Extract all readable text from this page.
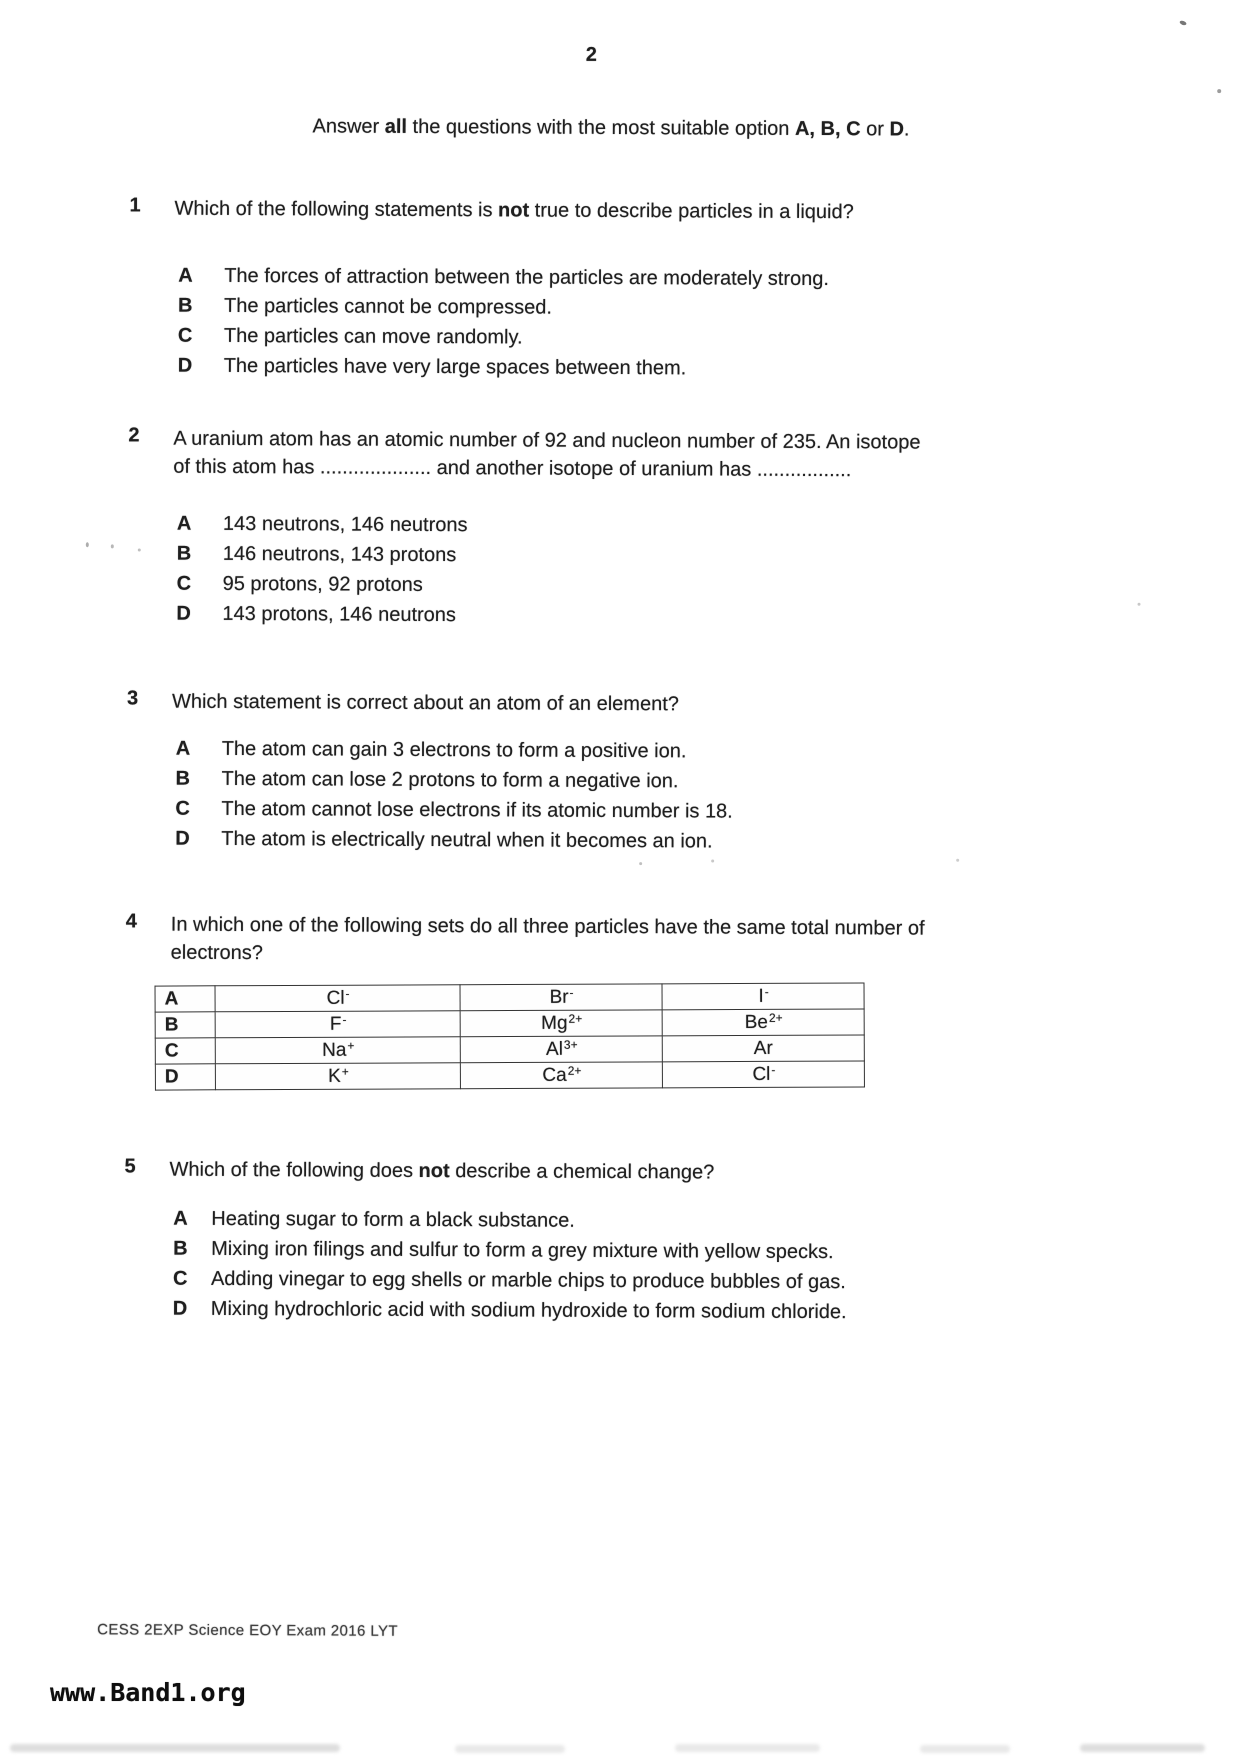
2
Answer all the questions with the most suitable option A, B, C or D.
1 Which of the following statements is not true to describe particles in a liquid?
A The forces of attraction between the particles are moderately strong.
B The particles cannot be compressed.
C The particles can move randomly.
D The particles have very large spaces between them.
2 A uranium atom has an atomic number of 92 and nucleon number of 235. An isotope
of this atom has .................... and another isotope of uranium has .................
A 143 neutrons, 146 neutrons
B 146 neutrons, 143 protons
C 95 protons, 92 protons
D 143 protons, 146 neutrons
3 Which statement is correct about an atom of an element?
A The atom can gain 3 electrons to form a positive ion.
B The atom can lose 2 protons to form a negative ion.
C The atom cannot lose electrons if its atomic number is 18.
D The atom is electrically neutral when it becomes an ion.
4 In which one of the following sets do all three particles have the same total number of
electrons?
A	Cl-	Br-	I-
B	F-	$Mg^{2+}$	$Be^{2+}$
C	Na+	$Al^{3+}$	Ar
D	K+	$Ca^{2+}$	Cl-
5 Which of the following does not describe a chemical change?
A Heating sugar to form a black substance.
B Mixing iron filings and sulfur to form a grey mixture with yellow specks.
C Adding vinegar to egg shells or marble chips to produce bubbles of gas.
D Mixing hydrochloric acid with sodium hydroxide to form sodium chloride.
CESS 2EXP Science EOY Exam 2016 LYT
www.Band1.org
